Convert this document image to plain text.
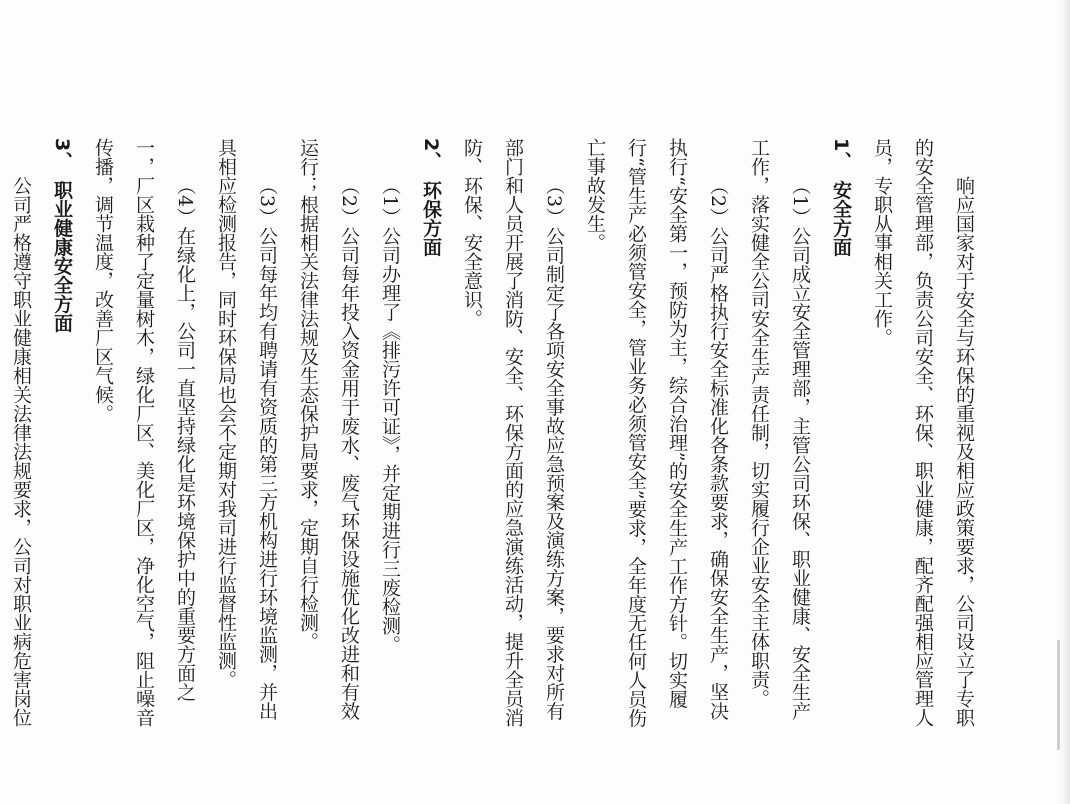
响应国家对于安全与环保的重视及相应政策要求，公司设立了专职的安全管理部，负责公司安全、环保、职业健康，配齐配强相应管理人员，专职从事相关工作。

1、安全方面

（1）公司成立安全管理部，主管公司环保、职业健康、安全生产工作，落实健全公司安全生产责任制，切实履行企业安全主体职责。

（2）公司严格执行安全标准化各条款要求，确保安全生产，坚决执行“安全第一，预防为主，综合治理”的安全生产工作方针。切实履行“管生产必须管安全，管业务必须管安全”要求，全年度无任何人员伤亡事故发生。

（3）公司制定了各项安全事故应急预案及演练方案，要求对所有部门和人员开展了消防、安全、环保方面的应急演练活动，提升全员消防、环保、安全意识。

2、环保方面

（1）公司办理了《排污许可证》，并定期进行三废检测。

（2）公司每年投入资金用于废水、废气环保设施优化改进和有效运行；根据相关法律法规及生态保护局要求，定期自行检测。

（3）公司每年均有聘请有资质的第三方机构进行环境监测，并出具相应检测报告，同时环保局也会不定期对我司进行监督性监测。

（4）在绿化上，公司一直坚持绿化是环境保护中的重要方面之一，厂区栽种了定量树木，绿化厂区、美化厂区，净化空气，阻止噪音传播，调节温度，改善厂区气候。

3、职业健康安全方面

公司严格遵守职业健康相关法律法规要求，公司对职业病危害岗位
